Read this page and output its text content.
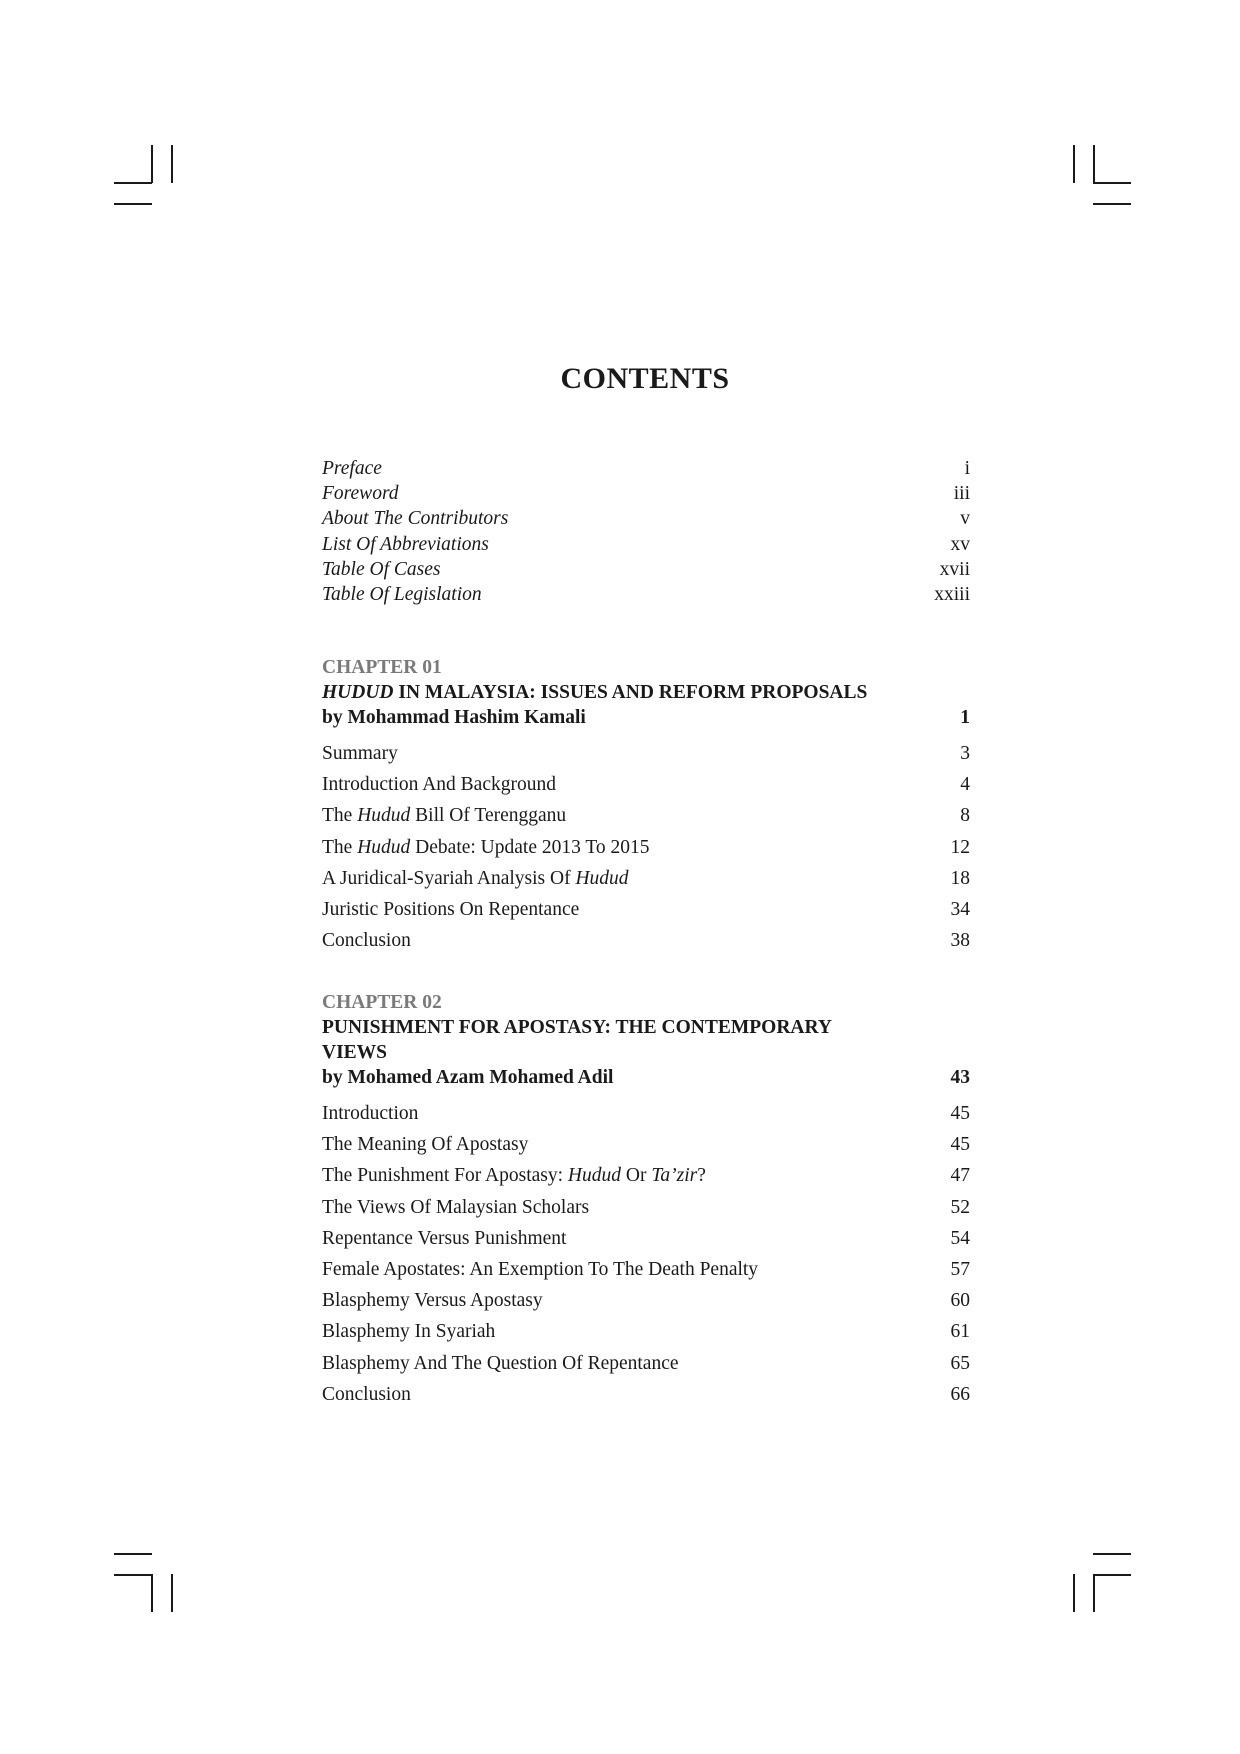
CONTENTS
Preface	i
Foreword	iii
About The Contributors	v
List Of Abbreviations	xv
Table Of Cases	xvii
Table Of Legislation	xxiii
CHAPTER 01
HUDUD IN MALAYSIA: ISSUES AND REFORM PROPOSALS
by Mohammad Hashim Kamali	1
Summary	3
Introduction And Background	4
The Hudud Bill Of Terengganu	8
The Hudud Debate: Update 2013 To 2015	12
A Juridical-Syariah Analysis Of Hudud	18
Juristic Positions On Repentance	34
Conclusion	38
CHAPTER 02
PUNISHMENT FOR APOSTASY: THE CONTEMPORARY VIEWS
by Mohamed Azam Mohamed Adil	43
Introduction	45
The Meaning Of Apostasy	45
The Punishment For Apostasy: Hudud Or Ta’zir?	47
The Views Of Malaysian Scholars	52
Repentance Versus Punishment	54
Female Apostates: An Exemption To The Death Penalty	57
Blasphemy Versus Apostasy	60
Blasphemy In Syariah	61
Blasphemy And The Question Of Repentance	65
Conclusion	66
